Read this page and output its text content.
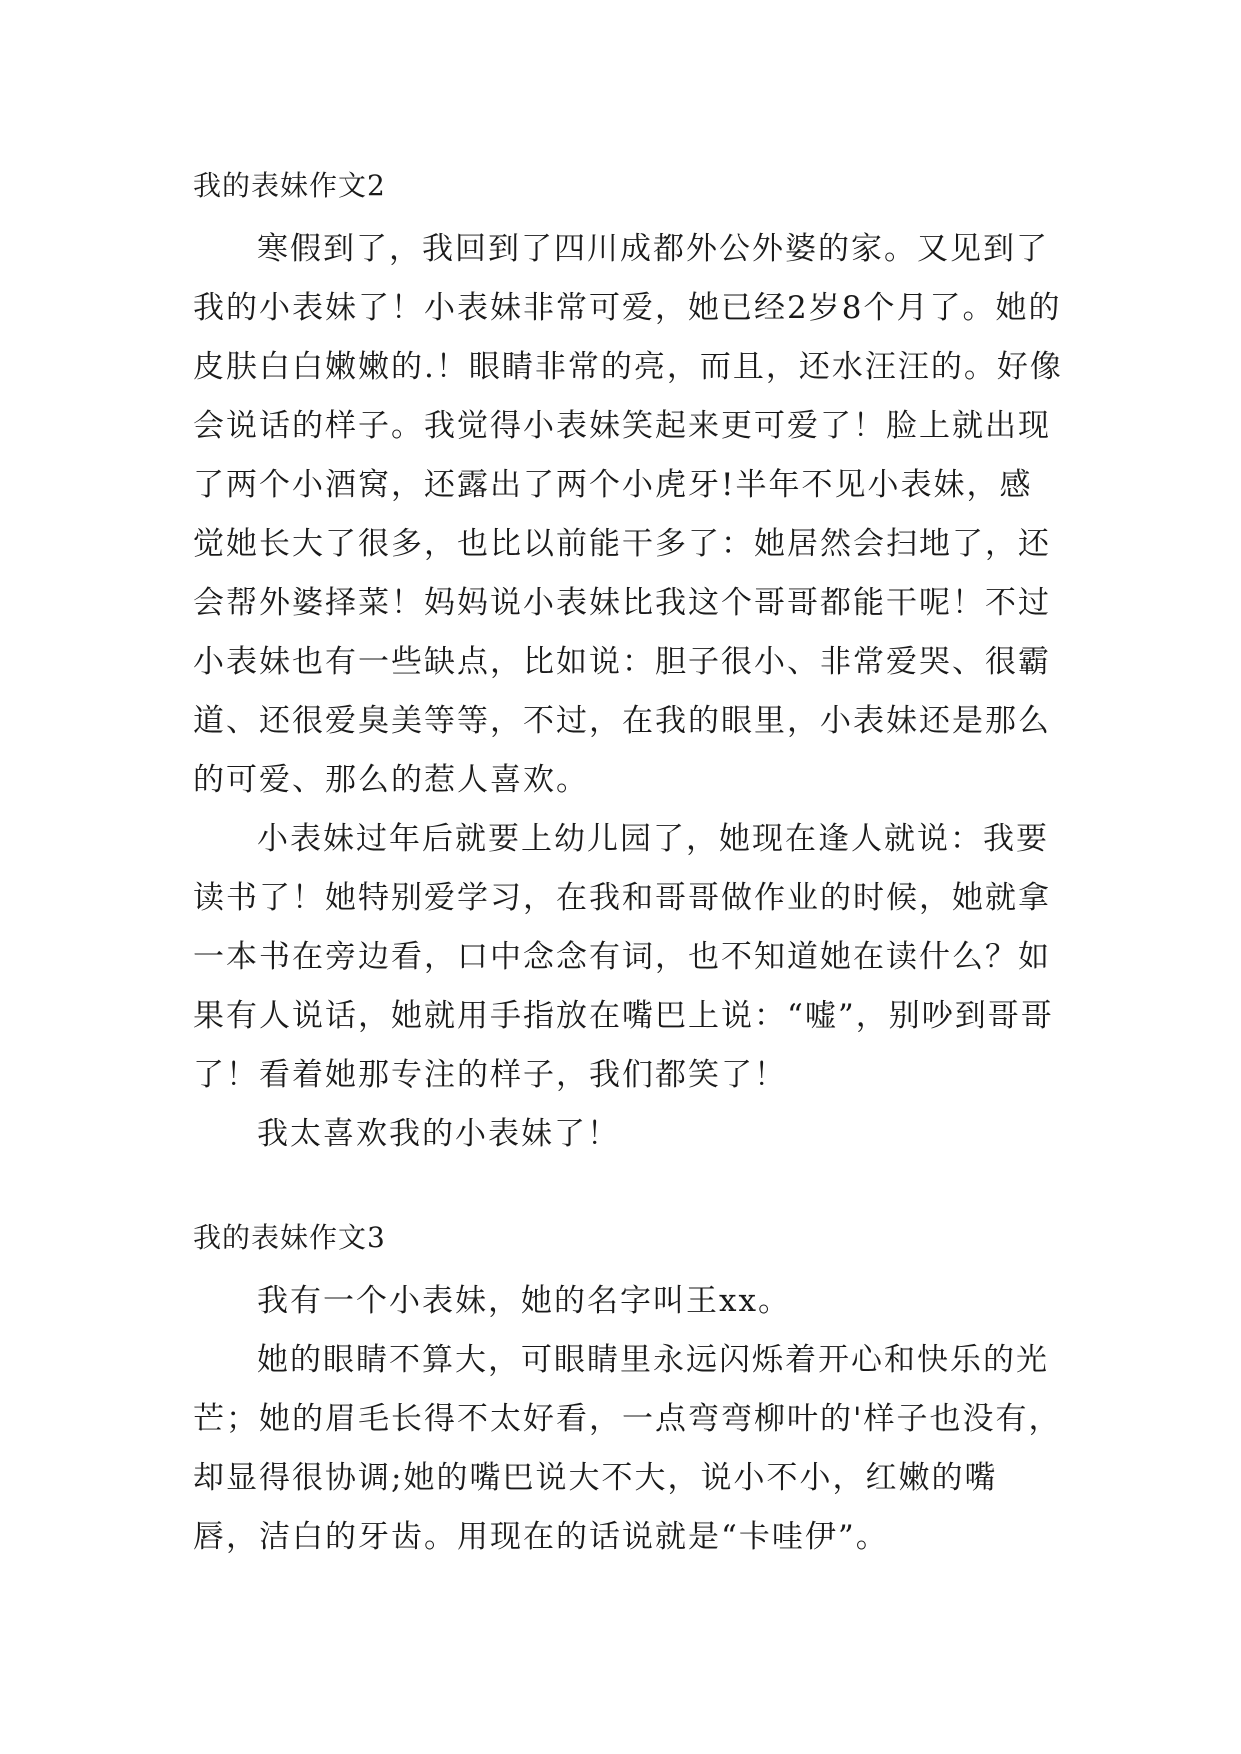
我的表妹作文2

寒假到了，我回到了四川成都外公外婆的家。又见到了我的小表妹了！小表妹非常可爱，她已经2岁8个月了。她的皮肤白白嫩嫩的.！眼睛非常的亮，而且，还水汪汪的。好像会说话的样子。我觉得小表妹笑起来更可爱了！脸上就出现了两个小酒窝，还露出了两个小虎牙!半年不见小表妹，感觉她长大了很多，也比以前能干多了：她居然会扫地了，还会帮外婆择菜！妈妈说小表妹比我这个哥哥都能干呢！不过小表妹也有一些缺点，比如说：胆子很小、非常爱哭、很霸道、还很爱臭美等等，不过，在我的眼里，小表妹还是那么的可爱、那么的惹人喜欢。

小表妹过年后就要上幼儿园了，她现在逢人就说：我要读书了！她特别爱学习，在我和哥哥做作业的时候，她就拿一本书在旁边看，口中念念有词，也不知道她在读什么？如果有人说话，她就用手指放在嘴巴上说：“嘘”，别吵到哥哥了！看着她那专注的样子，我们都笑了！

我太喜欢我的小表妹了！

我的表妹作文3

我有一个小表妹，她的名字叫王xx。

她的眼睛不算大，可眼睛里永远闪烁着开心和快乐的光芒；她的眉毛长得不太好看，一点弯弯柳叶的'样子也没有，却显得很协调;她的嘴巴说大不大，说小不小，红嫩的嘴唇，洁白的牙齿。用现在的话说就是“卡哇伊”。
